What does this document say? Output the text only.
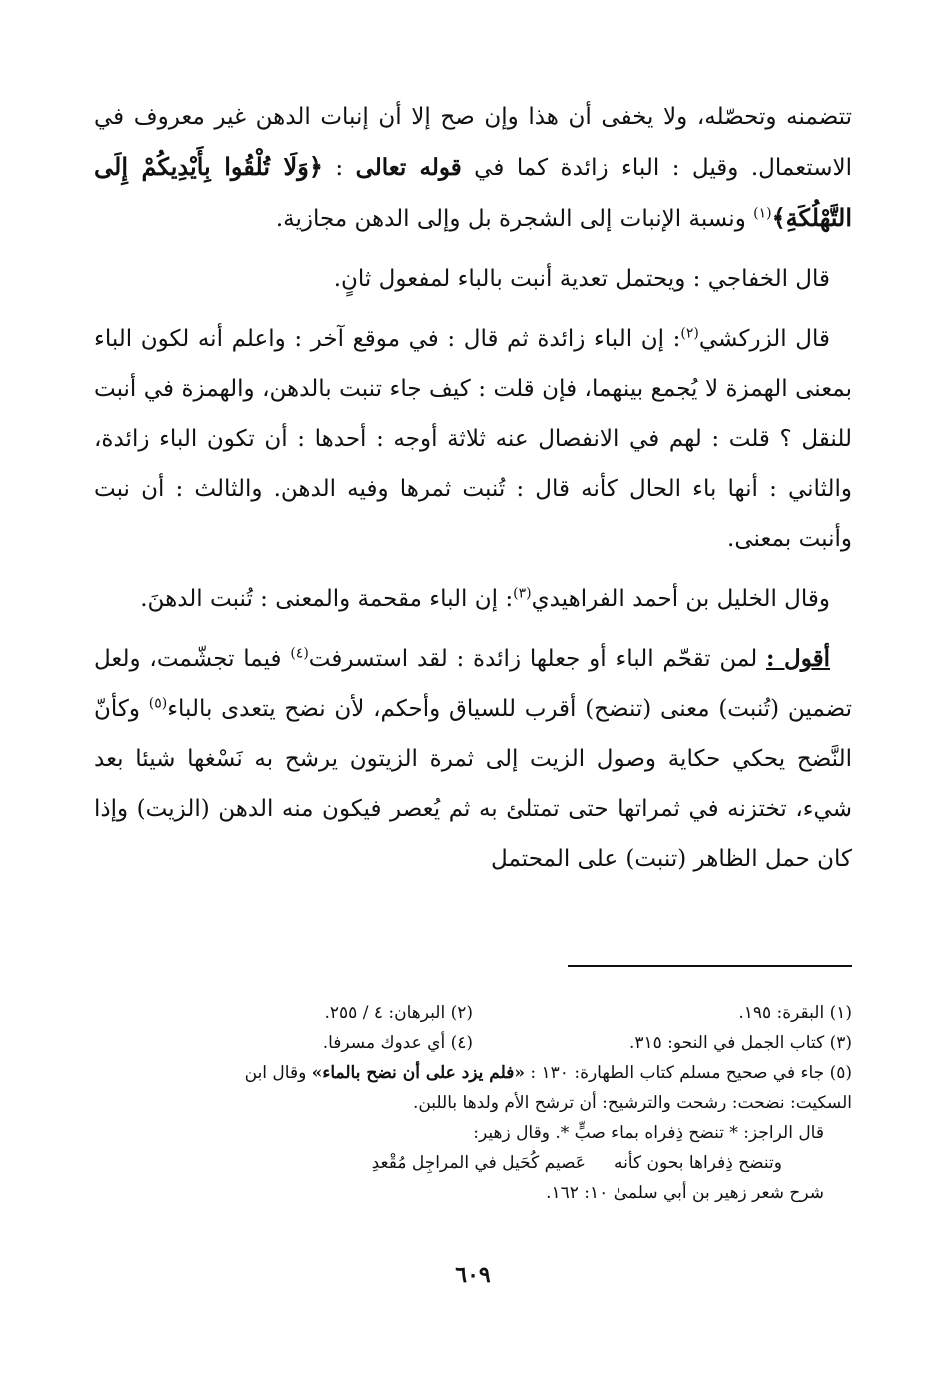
تتضمنه وتحصّله، ولا يخفى أن هذا وإن صح إلا أن إنبات الدهن غير معروف في الاستعمال. وقيل : الباء زائدة كما في قوله تعالى : ﴿وَلَا تُلْقُوا بِأَيْدِيكُمْ إِلَى التَّهْلُكَةِ﴾$^{(١)}$ ونسبة الإنبات إلى الشجرة بل وإلى الدهن مجازية.

قال الخفاجي : ويحتمل تعدية أنبت بالباء لمفعول ثانٍ.

قال الزركشي$^{(٢)}$: إن الباء زائدة ثم قال : في موقع آخر : واعلم أنه لكون الباء بمعنى الهمزة لا يُجمع بينهما، فإن قلت : كيف جاء تنبت بالدهن، والهمزة في أنبت للنقل ؟ قلت : لهم في الانفصال عنه ثلاثة أوجه : أحدها : أن تكون الباء زائدة، والثاني : أنها باء الحال كأنه قال : تُنبت ثمرها وفيه الدهن. والثالث : أن نبت وأنبت بمعنى.

وقال الخليل بن أحمد الفراهيدي$^{(٣)}$: إن الباء مقحمة والمعنى : تُنبت الدهنَ.

أقول : لمن تقحّم الباء أو جعلها زائدة : لقد استسرفت$^{(٤)}$ فيما تجشّمت، ولعل تضمين (تُنبت) معنى (تنضح) أقرب للسياق وأحكم، لأن نضح يتعدى بالباء$^{(٥)}$ وكأنّ النَّضح يحكي حكاية وصول الزيت إلى ثمرة الزيتون يرشح به نَسْغها شيئا بعد شيء، تختزنه في ثمراتها حتى تمتلئ به ثم يُعصر فيكون منه الدهن (الزيت) وإذا كان حمل الظاهر (تنبت) على المحتمل

(١) البقرة: ١٩٥.
(٢) البرهان: ٤ / ٢٥٥.
(٣) كتاب الجمل في النحو: ٣١٥.
(٤) أي عدوك مسرفا.
(٥) جاء في صحيح مسلم كتاب الطهارة: ١٣٠ : «فلم يزد على أن نضح بالماء» وقال ابن
السكيت: نضحت: رشحت والترشيح: أن ترشح الأم ولدها باللبن.
قال الراجز: * تنضح ذِفراه بماء صبٍّ *. وقال زهير:
وتنضح ذِفراها بحون كأنهعَصيم كُحَيل في المراجِل مُقْعدِ
شرح شعر زهير بن أبي سلمىٰ ١٠: ١٦٢.
٦٠٩
